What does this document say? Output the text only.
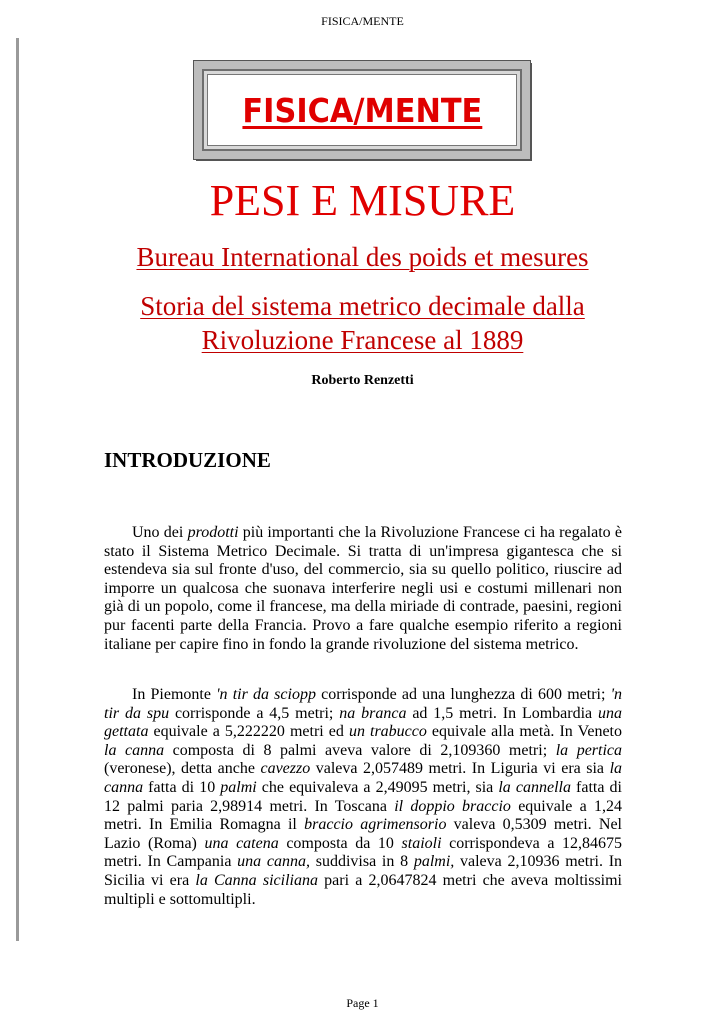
FISICA/MENTE
FISICA/MENTE
PESI E MISURE
Bureau International des poids et mesures
Storia del sistema metrico decimale dalla
Rivoluzione Francese al 1889
Roberto Renzetti
INTRODUZIONE

Uno dei prodotti più importanti che la Rivoluzione Francese ci ha regalato è stato il Sistema Metrico Decimale. Si tratta di un'impresa gigantesca che si estendeva sia sul fronte d'uso, del commercio, sia su quello politico, riuscire ad imporre un qualcosa che suonava interferire negli usi e costumi millenari non già di un popolo, come il francese, ma della miriade di contrade, paesini, regioni pur facenti parte della Francia. Provo a fare qualche esempio riferito a regioni italiane per capire fino in fondo la grande rivoluzione del sistema metrico.

In Piemonte 'n tir da sciopp corrisponde ad una lunghezza di 600 metri; 'n tir da spu corrisponde a 4,5 metri; na branca ad 1,5 metri. In Lombardia una gettata equivale a 5,222220 metri ed un trabucco equivale alla metà. In Veneto la canna composta di 8 palmi aveva valore di 2,109360 metri; la pertica (veronese), detta anche cavezzo valeva 2,057489 metri. In Liguria vi era sia la canna fatta di 10 palmi che equivaleva a 2,49095 metri, sia la cannella fatta di 12 palmi paria 2,98914 metri. In Toscana il doppio braccio equivale a 1,24 metri. In Emilia Romagna il braccio agrimensorio valeva 0,5309 metri. Nel Lazio (Roma) una catena composta da 10 staioli corrispondeva a 12,84675 metri. In Campania una canna, suddivisa in 8 palmi, valeva 2,10936 metri. In Sicilia vi era la Canna siciliana pari a 2,0647824 metri che aveva moltissimi multipli e sottomultipli.

Page 1
